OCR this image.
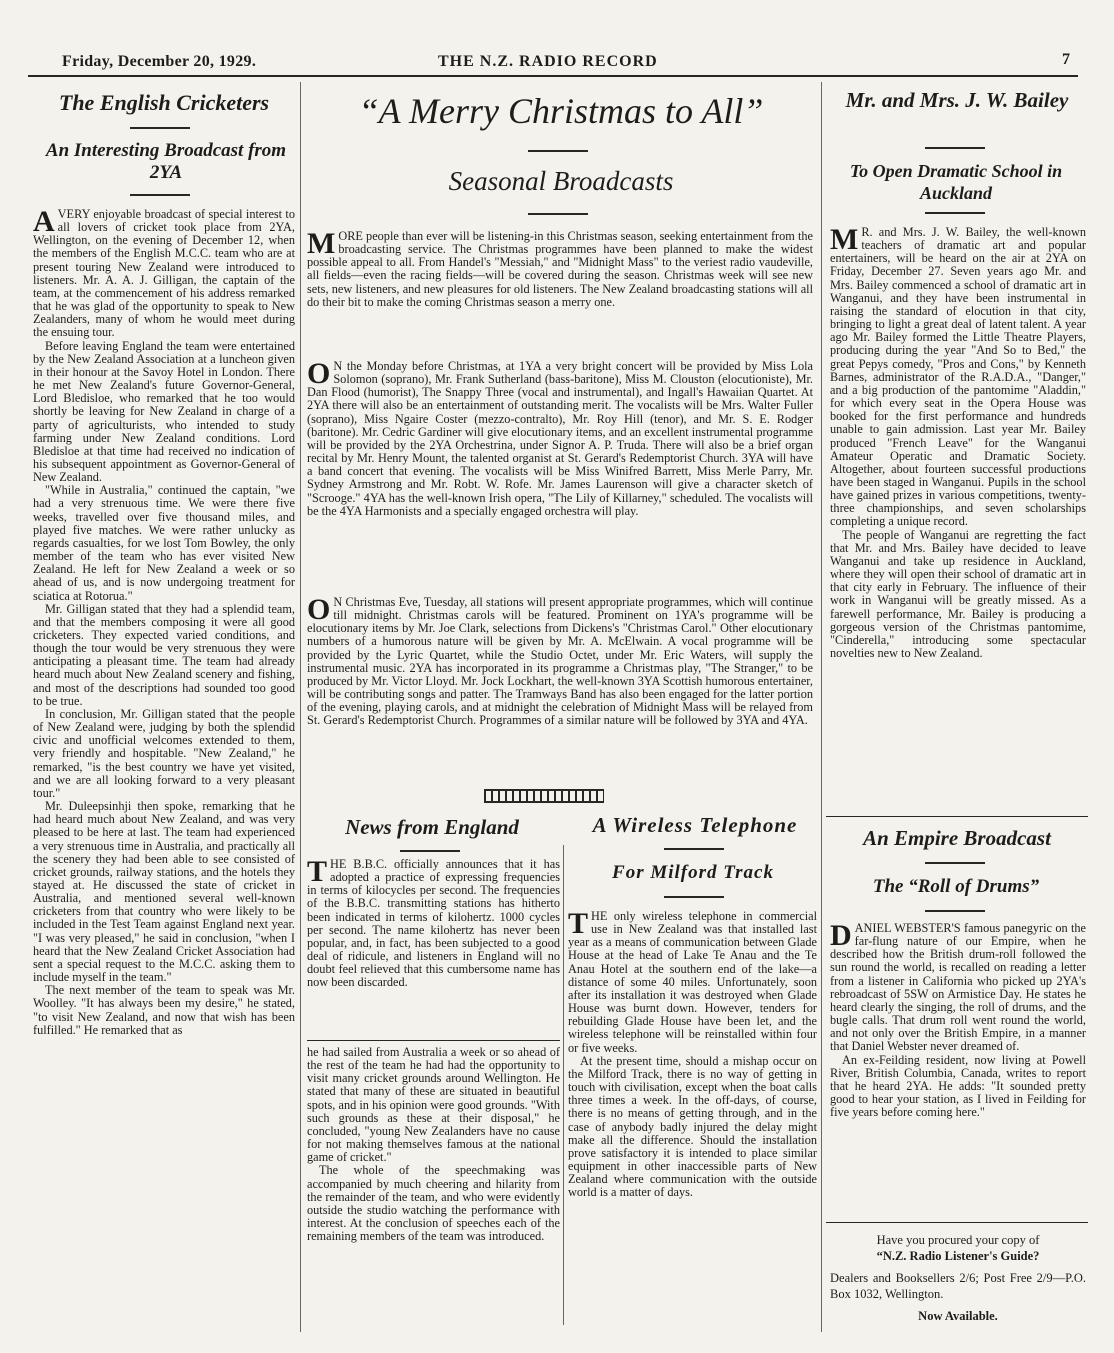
Friday, December 20, 1929.	THE N.Z. RADIO RECORD	7
The English Cricketers
An Interesting Broadcast from 2YA
A VERY enjoyable broadcast of special interest to all lovers of cricket took place from 2YA, Wellington, on the evening of December 12, when the members of the English M.C.C. team who are at present touring New Zealand were introduced to listeners. Mr. A. A. J. Gilligan, the captain of the team, at the commencement of his address remarked that he was glad of the opportunity to speak to New Zealanders, many of whom he would meet during the ensuing tour.

Before leaving England the team were entertained by the New Zealand Association at a luncheon given in their honour at the Savoy Hotel in London. There he met New Zealand's future Governor-General, Lord Bledisloe, who remarked that he too would shortly be leaving for New Zealand in charge of a party of agriculturists, who intended to study farming under New Zealand conditions. Lord Bledisloe at that time had received no indication of his subsequent appointment as Governor-General of New Zealand.

"While in Australia," continued the captain, "we had a very strenuous time. We were there five weeks, travelled over five thousand miles, and played five matches. We were rather unlucky as regards casualties, for we lost Tom Bowley, the only member of the team who has ever visited New Zealand. He left for New Zealand a week or so ahead of us, and is now undergoing treatment for sciatica at Rotorua."

Mr. Gilligan stated that they had a splendid team, and that the members composing it were all good cricketers. They expected varied conditions, and though the tour would be very strenuous they were anticipating a pleasant time. The team had already heard much about New Zealand scenery and fishing, and most of the descriptions had sounded too good to be true.

In conclusion, Mr. Gilligan stated that the people of New Zealand were, judging by both the splendid civic and unofficial welcomes extended to them, very friendly and hospitable. "New Zealand," he remarked, "is the best country we have yet visited, and we are all looking forward to a very pleasant tour."

Mr. Duleepsinhji then spoke, remarking that he had heard much about New Zealand, and was very pleased to be here at last. The team had experienced a very strenuous time in Australia, and practically all the scenery they had been able to see consisted of cricket grounds, railway stations, and the hotels they stayed at. He discussed the state of cricket in Australia, and mentioned several well-known cricketers from that country who were likely to be included in the Test Team against England next year. "I was very pleased," he said in conclusion, "when I heard that the New Zealand Cricket Association had sent a special request to the M.C.C. asking them to include myself in the team."

The next member of the team to speak was Mr. Woolley. "It has always been my desire," he stated, "to visit New Zealand, and now that wish has been fulfilled." He remarked that as

“A Merry Christmas to All”
Seasonal Broadcasts
M ORE people than ever will be listening-in this Christmas season, seeking entertainment from the broadcasting service. The Christmas programmes have been planned to make the widest possible appeal to all. From Handel's "Messiah," and "Midnight Mass" to the veriest radio vaudeville, all fields—even the racing fields—will be covered during the season. Christmas week will see new sets, new listeners, and new pleasures for old listeners. The New Zealand broadcasting stations will all do their bit to make the coming Christmas season a merry one.

O N the Monday before Christmas, at 1YA a very bright concert will be provided by Miss Lola Solomon (soprano), Mr. Frank Sutherland (bass-baritone), Miss M. Clouston (elocutioniste), Mr. Dan Flood (humorist), The Snappy Three (vocal and instrumental), and Ingall's Hawaiian Quartet. At 2YA there will also be an entertainment of outstanding merit. The vocalists will be Mrs. Walter Fuller (soprano), Miss Ngaire Coster (mezzo-contralto), Mr. Roy Hill (tenor), and Mr. S. E. Rodger (baritone). Mr. Cedric Gardiner will give elocutionary items, and an excellent instrumental programme will be provided by the 2YA Orchestrina, under Signor A. P. Truda. There will also be a brief organ recital by Mr. Henry Mount, the talented organist at St. Gerard's Redemptorist Church. 3YA will have a band concert that evening. The vocalists will be Miss Winifred Barrett, Miss Merle Parry, Mr. Sydney Armstrong and Mr. Robt. W. Rofe. Mr. James Laurenson will give a character sketch of "Scrooge." 4YA has the well-known Irish opera, "The Lily of Killarney," scheduled. The vocalists will be the 4YA Harmonists and a specially engaged orchestra will play.

O N Christmas Eve, Tuesday, all stations will present appropriate programmes, which will continue till midnight. Christmas carols will be featured. Prominent on 1YA's programme will be elocutionary items by Mr. Joe Clark, selections from Dickens's "Christmas Carol." Other elocutionary numbers of a humorous nature will be given by Mr. A. McElwain. A vocal programme will be provided by the Lyric Quartet, while the Studio Octet, under Mr. Eric Waters, will supply the instrumental music. 2YA has incorporated in its programme a Christmas play, "The Stranger," to be produced by Mr. Victor Lloyd. Mr. Jock Lockhart, the well-known 3YA Scottish humorous entertainer, will be contributing songs and patter. The Tramways Band has also been engaged for the latter portion of the evening, playing carols, and at midnight the celebration of Midnight Mass will be relayed from St. Gerard's Redemptorist Church. Programmes of a similar nature will be followed by 3YA and 4YA.

News from England
T HE B.B.C. officially announces that it has adopted a practice of expressing frequencies in terms of kilocycles per second. The frequencies of the B.B.C. transmitting stations has hitherto been indicated in terms of kilohertz. 1000 cycles per second. The name kilohertz has never been popular, and, in fact, has been subjected to a good deal of ridicule, and listeners in England will no doubt feel relieved that this cumbersome name has now been discarded.

he had sailed from Australia a week or so ahead of the rest of the team he had had the opportunity to visit many cricket grounds around Wellington. He stated that many of these are situated in beautiful spots, and in his opinion were good grounds. "With such grounds as these at their disposal," he concluded, "young New Zealanders have no cause for not making themselves famous at the national game of cricket."

The whole of the speechmaking was accompanied by much cheering and hilarity from the remainder of the team, and who were evidently outside the studio watching the performance with interest. At the conclusion of speeches each of the remaining members of the team was introduced.

A Wireless Telephone
For Milford Track
T HE only wireless telephone in commercial use in New Zealand was that installed last year as a means of communication between Glade House at the head of Lake Te Anau and the Te Anau Hotel at the southern end of the lake—a distance of some 40 miles. Unfortunately, soon after its installation it was destroyed when Glade House was burnt down. However, tenders for rebuilding Glade House have been let, and the wireless telephone will be reinstalled within four or five weeks.

At the present time, should a mishap occur on the Milford Track, there is no way of getting in touch with civilisation, except when the boat calls three times a week. In the off-days, of course, there is no means of getting through, and in the case of anybody badly injured the delay might make all the difference. Should the installation prove satisfactory it is intended to place similar equipment in other inaccessible parts of New Zealand where communication with the outside world is a matter of days.

Mr. and Mrs. J. W. Bailey
To Open Dramatic School in Auckland
M R. and Mrs. J. W. Bailey, the well-known teachers of dramatic art and popular entertainers, will be heard on the air at 2YA on Friday, December 27. Seven years ago Mr. and Mrs. Bailey commenced a school of dramatic art in Wanganui, and they have been instrumental in raising the standard of elocution in that city, bringing to light a great deal of latent talent. A year ago Mr. Bailey formed the Little Theatre Players, producing during the year "And So to Bed," the great Pepys comedy, "Pros and Cons," by Kenneth Barnes, administrator of the R.A.D.A., "Danger," and a big production of the pantomime "Aladdin," for which every seat in the Opera House was booked for the first performance and hundreds unable to gain admission. Last year Mr. Bailey produced "French Leave" for the Wanganui Amateur Operatic and Dramatic Society. Altogether, about fourteen successful productions have been staged in Wanganui. Pupils in the school have gained prizes in various competitions, twenty-three championships, and seven scholarships completing a unique record.

The people of Wanganui are regretting the fact that Mr. and Mrs. Bailey have decided to leave Wanganui and take up residence in Auckland, where they will open their school of dramatic art in that city early in February. The influence of their work in Wanganui will be greatly missed. As a farewell performance, Mr. Bailey is producing a gorgeous version of the Christmas pantomime, "Cinderella," introducing some spectacular novelties new to New Zealand.

An Empire Broadcast
The “Roll of Drums”
D ANIEL WEBSTER'S famous panegyric on the far-flung nature of our Empire, when he described how the British drum-roll followed the sun round the world, is recalled on reading a letter from a listener in California who picked up 2YA's rebroadcast of 5SW on Armistice Day. He states he heard clearly the singing, the roll of drums, and the bugle calls. That drum roll went round the world, and not only over the British Empire, in a manner that Daniel Webster never dreamed of.

An ex-Feilding resident, now living at Powell River, British Columbia, Canada, writes to report that he heard 2YA. He adds: "It sounded pretty good to hear your station, as I lived in Feilding for five years before coming here."

Have you procured your copy of
“N.Z. Radio Listener's Guide?
Dealers and Booksellers 2/6; Post Free 2/9—P.O. Box 1032, Wellington.
Now Available.
